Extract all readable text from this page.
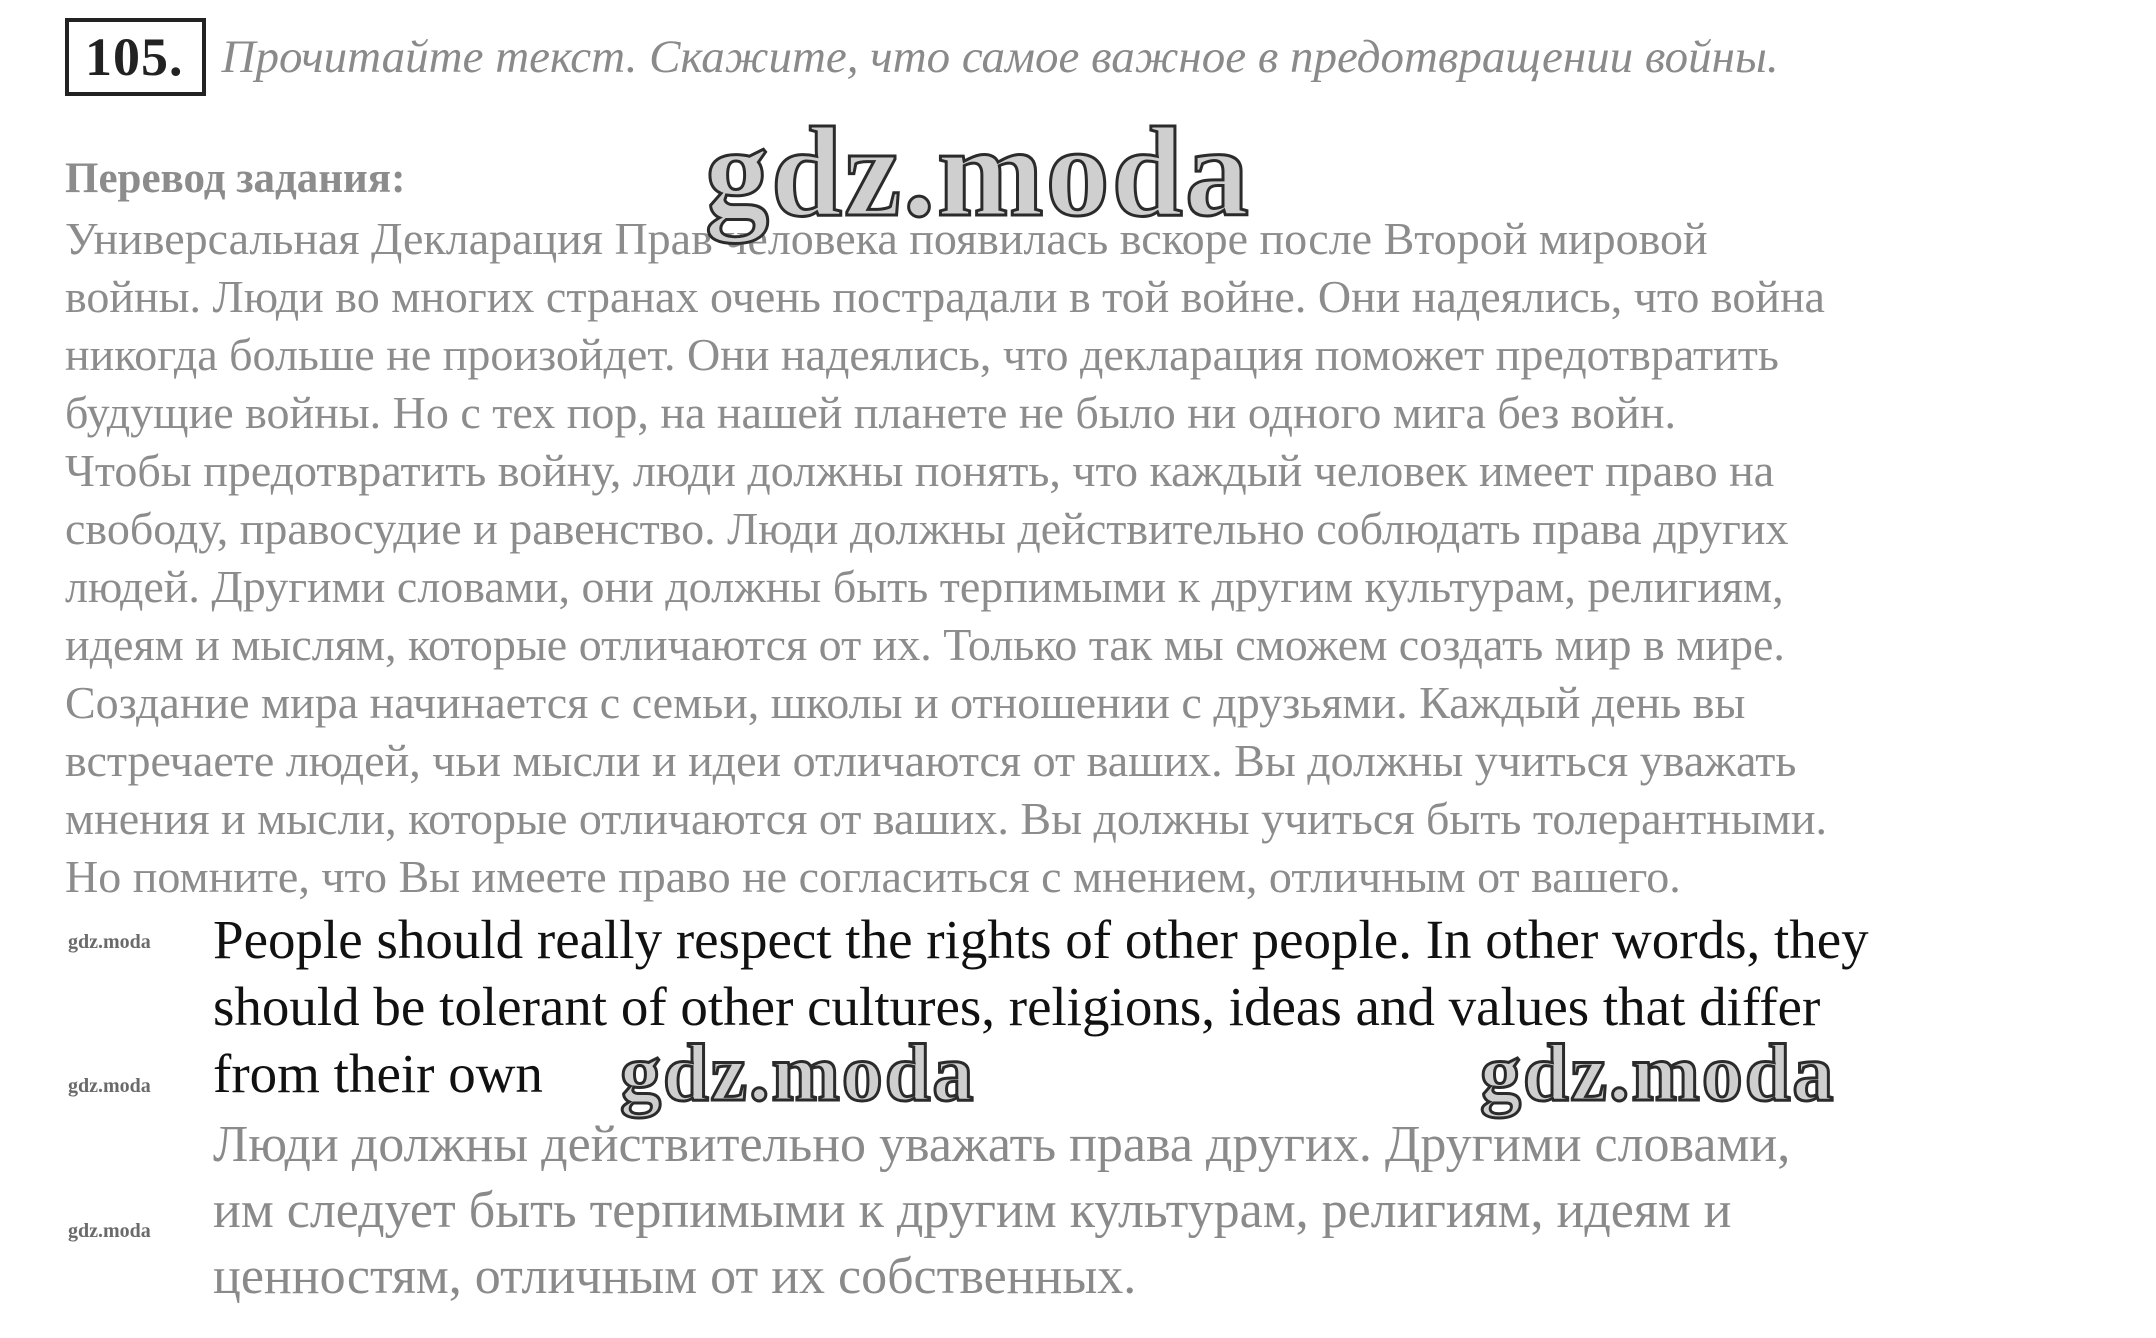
105. Прочитайте текст. Скажите, что самое важное в предотвращении войны.
Перевод задания:
Универсальная Декларация Прав человека появилась вскоре после Второй мировой
войны. Люди во многих странах очень пострадали в той войне. Они надеялись, что война
никогда больше не произойдет. Они надеялись, что декларация поможет предотвратить
будущие войны. Но с тех пор, на нашей планете не было ни одного мига без войн.
Чтобы предотвратить войну, люди должны понять, что каждый человек имеет право на
свободу, правосудие и равенство. Люди должны действительно соблюдать права других
людей. Другими словами, они должны быть терпимыми к другим культурам, религиям,
идеям и мыслям, которые отличаются от их. Только так мы сможем создать мир в мире.
Создание мира начинается с семьи, школы и отношении с друзьями. Каждый день вы
встречаете людей, чьи мысли и идеи отличаются от ваших. Вы должны учиться уважать
мнения и мысли, которые отличаются от ваших. Вы должны учиться быть толерантными.
Но помните, что Вы имеете право не согласиться с мнением, отличным от вашего.
gdz.moda
gdz.moda
gdz.moda
People should really respect the rights of other people. In other words, they
should be tolerant of other cultures, religions, ideas and values that differ
from their own
Люди должны действительно уважать права других. Другими словами,
им следует быть терпимыми к другим культурам, религиям, идеям и
ценностям, отличным от их собственных.
gdz.moda
gdz.moda	gdz.moda
